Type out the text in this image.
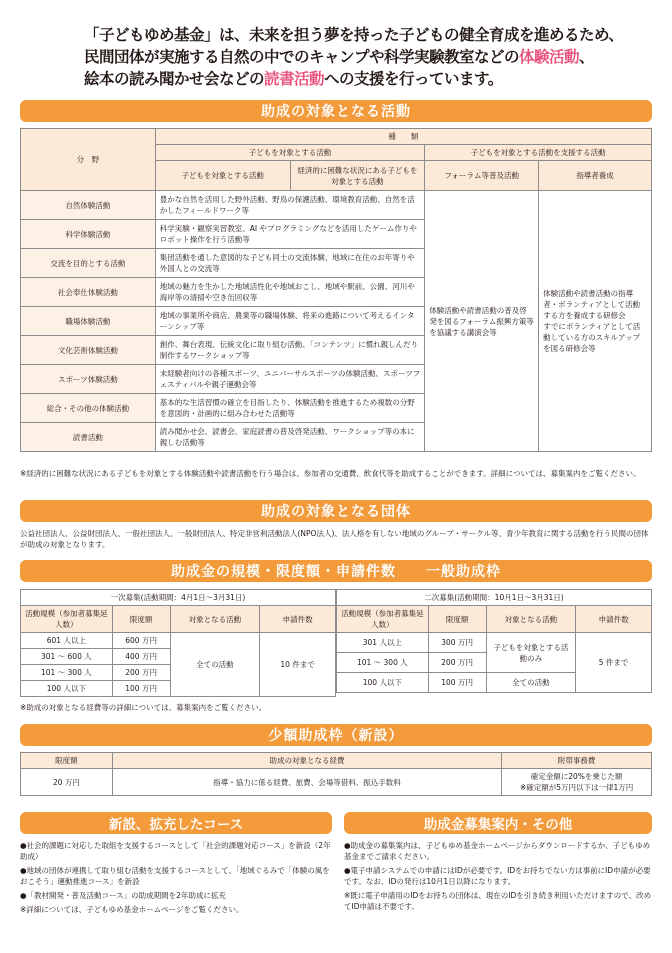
「子どもゆめ基金」は、未来を担う夢を持った子どもの健全育成を進めるため、
民間団体が実施する自然の中でのキャンプや科学実験教室などの体験活動、
絵本の読み聞かせ会などの読書活動への支援を行っています。
助成の対象となる活動
分　野	種　　類			
	子どもを対象とする活動		子どもを対象とする活動を支援する活動	
	子どもを対象とする活動	経済的に困難な状況にある子どもを対象とする活動	フォーラム等普及活動	指導者養成
自然体験活動	豊かな自然を活用した野外活動、野鳥の保護活動、環境教育活動、自然を活かしたフィールドワーク等		体験活動や読書活動の普及啓発を図るフォーラム振興方策等を協議する講演会等	体験活動や読書活動の指導者・ボランティアとして活動する方を養成する研修会
すでにボランティアとして活動している方のスキルアップを図る研修会等
科学体験活動	科学実験・観察実習教室、AI やプログラミングなどを活用したゲーム作りやロボット操作を行う活動等			
交流を目的とする活動	集団活動を通した意図的な子ども同士の交流体験、地域に在住のお年寄りや外国人との交流等			
社会奉仕体験活動	地域の魅力を生かした地域活性化や地域おこし、地域や駅前、公園、河川や海岸等の清掃や空き缶回収等			
職場体験活動	地域の事業所や商店、農業等の職場体験、将来の進路について考えるインターンシップ等			
文化芸術体験活動	創作、舞台表現、伝統文化に取り組む活動、「コンテンツ」に慣れ親しんだり制作するワークショップ等			
スポーツ体験活動	未経験者向けの各種スポーツ、ユニバーサルスポーツの体験活動、スポーツフェスティバルや親子運動会等			
総合・その他の体験活動	基本的な生活習慣の確立を目指したり、体験活動を推進するため複数の分野を意図的・計画的に組み合わせた活動等			
読書活動	読み聞かせ会、読書会、家庭読書の普及啓発活動、ワークショップ等の本に親しむ活動等			
※経済的に困難な状況にある子どもを対象とする体験活動や読書活動を行う場合は、参加者の交通費、飲食代等を助成することができます。詳細については、募集案内をご覧ください。
助成の対象となる団体
公益社団法人、公益財団法人、一般社団法人、一般財団法人、特定非営利活動法人(NPO法人)、法人格を有しない地域のグループ・サークル等、青少年教育に関する活動を行う民間の団体が助成の対象となります。
助成金の規模・限度額・申請件数　　一般助成枠
一次募集(活動期間：4月1日〜3月31日)			
活動規模（参加者募集延人数）	限度額	対象となる活動	申請件数
601 人以上	600 万円	全ての活動	10 件まで
301 〜 600 人	400 万円		
101 〜 300 人	200 万円		
100 人以下	100 万円		
二次募集(活動期間：10月1日〜3月31日)			
活動規模（参加者募集延人数）	限度額	対象となる活動	申請件数
301 人以上	300 万円	子どもを対象とする活動のみ	5 件まで
101 〜 300 人	200 万円		
100 人以下	100 万円	全ての活動	
※助成の対象となる経費等の詳細については、募集案内をご覧ください。
少額助成枠（新設）
限度額	助成の対象となる経費	附帯事務費
20 万円	指導・協力に係る経費、旅費、会場等借料、振込手数料	確定金額に20%を乗じた額
※確定額が5万円以下は一律1万円
新設、拡充したコース

●社会的課題に対応した取組を支援するコースとして「社会的課題対応コース」を新設（2年助成）

●地域の団体が連携して取り組む活動を支援するコースとして、「地域ぐるみで「体験の風をおこそう」運動推進コース」を新設

●「教材開発・普及活動コース」の助成期間を2年助成に拡充

※詳細については、子どもゆめ基金ホームページをご覧ください。

助成金募集案内・その他

●助成金の募集案内は、子どもゆめ基金ホームページからダウンロードするか、子どもゆめ基金までご請求ください。

●電子申請システムでの申請にはIDが必要です。IDをお持ちでない方は事前にID申請が必要です。なお、IDの発行は10月1日以降になります。

※既に電子申請用のIDをお持ちの団体は、現在のIDを引き続き利用いただけますので、改めてID申請は不要です。
